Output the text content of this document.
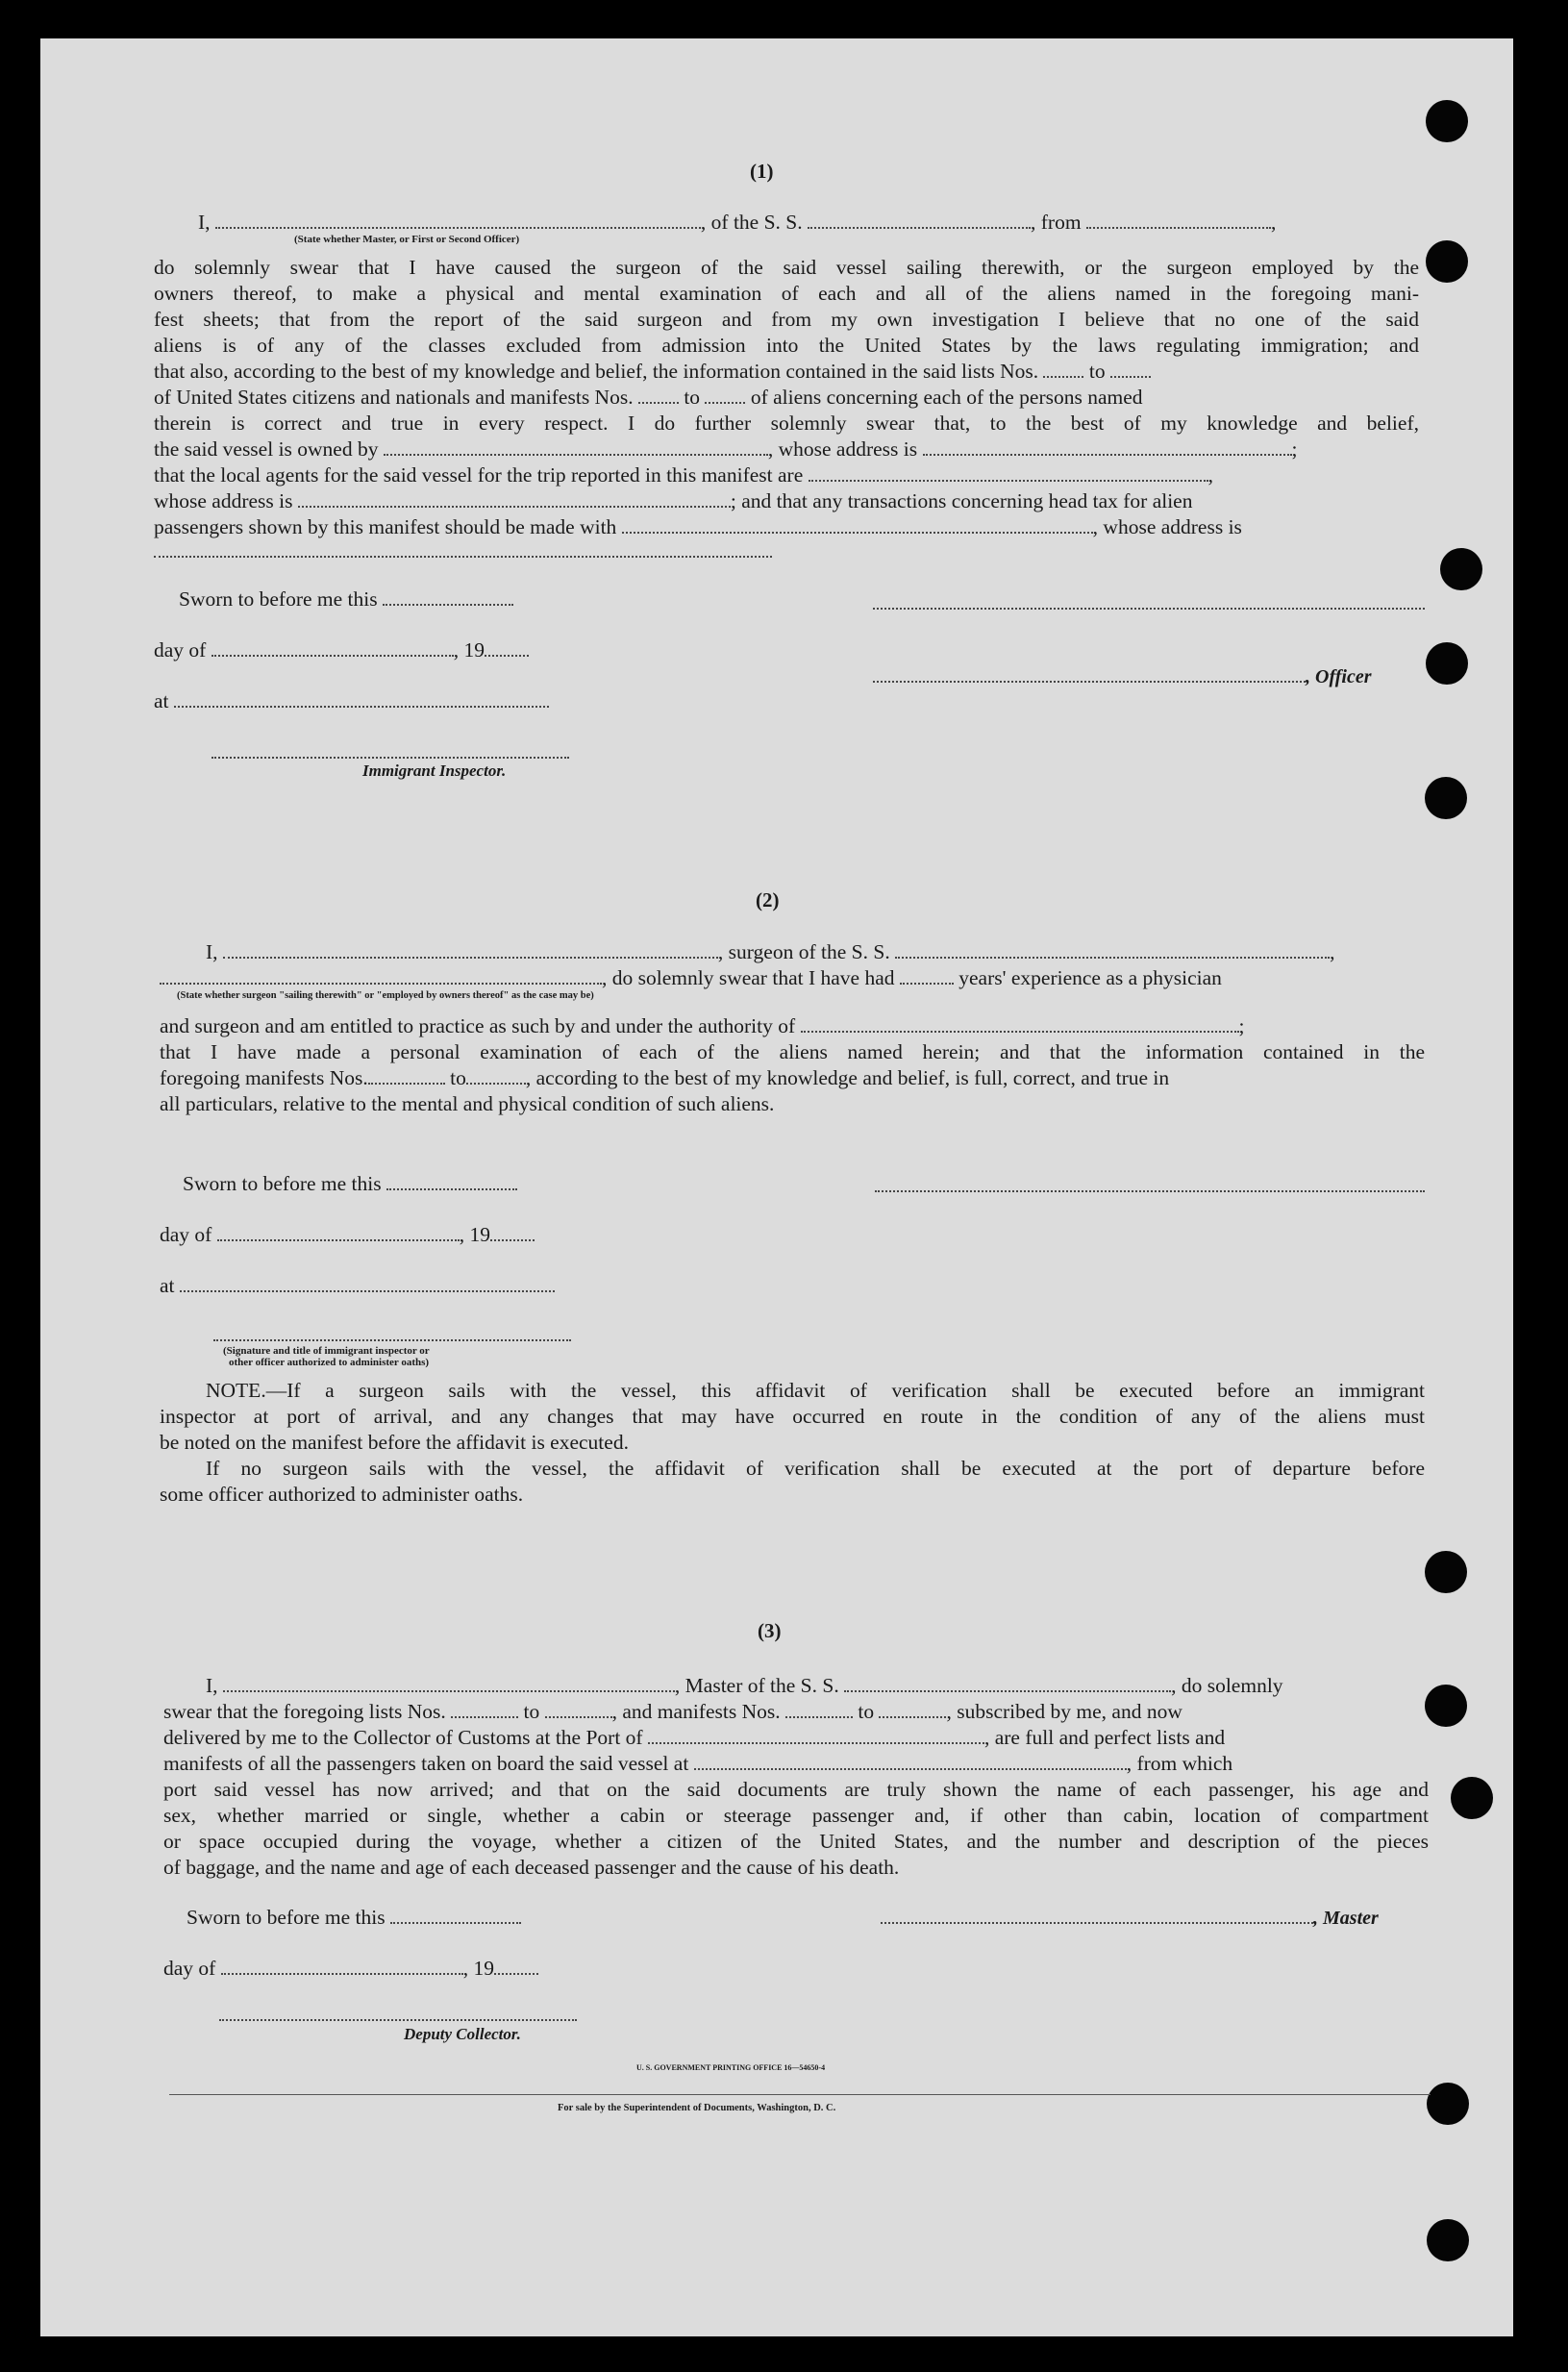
(1)
I,	, of the S. S.	, from	,
(State whether Master, or First or Second Officer)
do solemnly swear that I have caused the surgeon of the said vessel sailing therewith, or the surgeon employed by the
owners thereof, to make a physical and mental examination of each and all of the aliens named in the foregoing mani-
fest sheets; that from the report of the said surgeon and from my own investigation I believe that no one of the said
aliens is of any of the classes excluded from admission into the United States by the laws regulating immigration; and
that also, according to the best of my knowledge and belief, the information contained in the said lists Nos. to
of United States citizens and nationals and manifests Nos. to of aliens concerning each of the persons named
therein is correct and true in every respect. I do further solemnly swear that, to the best of my knowledge and belief,
the said vessel is owned by	, whose address is	;
that the local agents for the said vessel for the trip reported in this manifest are	,
whose address is	; and that any transactions concerning head tax for alien
passengers shown by this manifest should be made with	, whose address is
Sworn to before me this
day of	, 19
, Officer
at
Immigrant Inspector.
(2)
I,	, surgeon of the S. S.	,
, do solemnly swear that I have had	years' experience as a physician
(State whether surgeon "sailing therewith" or "employed by owners thereof" as the case may be)
and surgeon and am entitled to practice as such by and under the authority of	;
that I have made a personal examination of each of the aliens named herein; and that the information contained in the
foregoing manifests Nos.	to	, according to the best of my knowledge and belief, is full, correct, and true in
all particulars, relative to the mental and physical condition of such aliens.
Sworn to before me this
day of	, 19
at
(Signature and title of immigrant inspector or
other officer authorized to administer oaths)
NOTE.—If a surgeon sails with the vessel, this affidavit of verification shall be executed before an immigrant
inspector at port of arrival, and any changes that may have occurred en route in the condition of any of the aliens must
be noted on the manifest before the affidavit is executed.
If no surgeon sails with the vessel, the affidavit of verification shall be executed at the port of departure before
some officer authorized to administer oaths.
(3)
I,	, Master of the S. S.	, do solemnly
swear that the foregoing lists Nos.	to	, and manifests Nos.	to	, subscribed by me, and now
delivered by me to the Collector of Customs at the Port of	, are full and perfect lists and
manifests of all the passengers taken on board the said vessel at	, from which
port said vessel has now arrived; and that on the said documents are truly shown the name of each passenger, his age and
sex, whether married or single, whether a cabin or steerage passenger and, if other than cabin, location of compartment
or space occupied during the voyage, whether a citizen of the United States, and the number and description of the pieces
of baggage, and the name and age of each deceased passenger and the cause of his death.
Sworn to before me this	, Master
day of	, 19
Deputy Collector.
U. S. GOVERNMENT PRINTING OFFICE 16—54650-4
For sale by the Superintendent of Documents, Washington, D. C.
